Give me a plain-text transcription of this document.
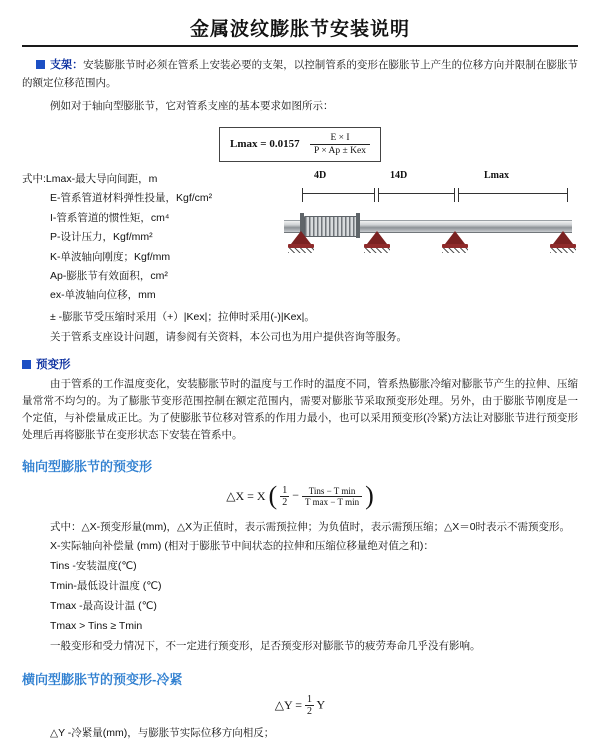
金属波纹膨胀节安装说明

支架：安装膨胀节时必须在管系上安装必要的支架，以控制管系的变形在膨胀节上产生的位移方向并限制在膨胀节的额定位移范围内。

例如对于轴向型膨胀节，它对管系支座的基本要求如图所示：

$Lmax = 0.0157 \frac{E \times I}{\text{P × Ap ± Kex}}$
式中:Lmax-最大导向间距，m
E-管系管道材料弹性投量，Kgf/cm²
I-管系管道的惯性矩，cm⁴
P-设计压力，Kgf/mm²
K-单波轴向刚度；Kgf/mm
Ap-膨胀节有效面积，cm²
ex-单波轴向位移，mm
4D	14D	Lmax
± -膨胀节受压缩时采用（+）|Kex|；拉伸时采用(-)|Kex|。

关于管系支座设计问题，请参阅有关资料，本公司也为用户提供咨询等服务。

预变形

由于管系的工作温度变化，安装膨胀节时的温度与工作时的温度不同，管系热膨胀冷缩对膨胀节产生的拉伸、压缩量常常不均匀的。为了膨胀节变形范围控制在额定范围内，需要对膨胀节采取预变形处理。另外，由于膨胀节刚度是一个定值，与补偿量成正比。为了使膨胀节位移对管系的作用力最小，也可以采用预变形(冷紧)方法让对膨胀节进行预变形处理后再将膨胀节在变形状态下安装在管系中。

轴向型膨胀节的预变形
△X = X ( $\frac{1}{2} - \frac{\text{Tins − T min}}{\text{T max − T min}}$ )
式中：△X-预变形量(mm)，△X为正值时，表示需预拉伸；为负值时，表示需预压缩；△X＝0时表示不需预变形。
X-实际轴向补偿量 (mm) (相对于膨胀节中间状态的拉伸和压缩位移量绝对值之和)：
Tins -安装温度(℃)
Tmin-最低设计温度 (℃)
Tmax -最高设计温 (℃)
Tmax > Tins ≥ Tmin
一般变形和受力情况下，不一定进行预变形，足否预变形对膨胀节的疲劳寿命几乎没有影响。
横向型膨胀节的预变形-冷紧
△Y = $\frac{1}{2}$ Y
△Y -冷紧量(mm)，与膨胀节实际位移方向相反；
